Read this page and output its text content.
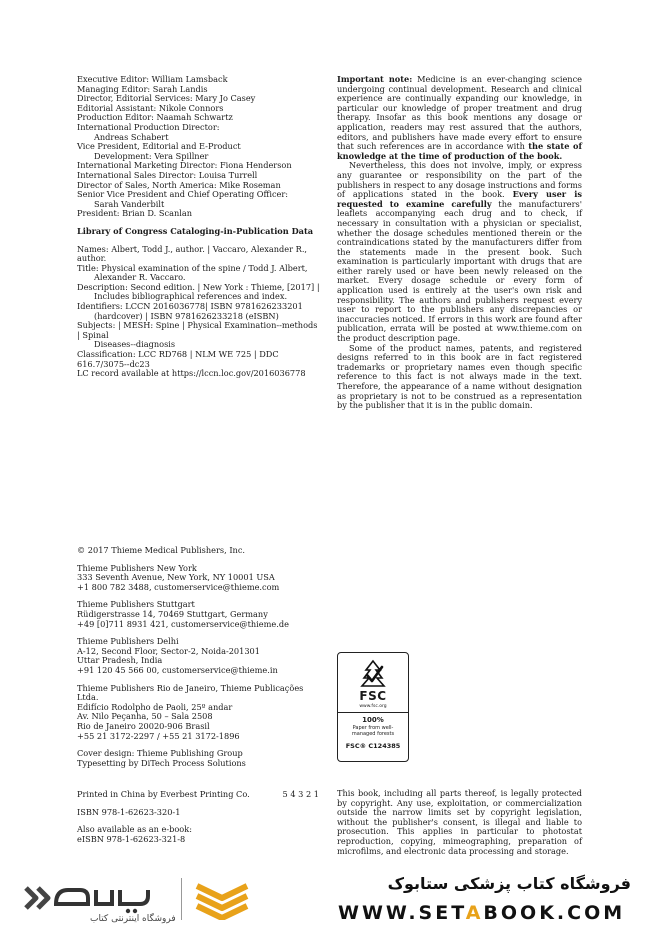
Executive Editor: William Lamsback
Managing Editor: Sarah Landis
Director, Editorial Services: Mary Jo Casey
Editorial Assistant: Nikole Connors
Production Editor: Naamah Schwartz
International Production Director:
Andreas Schabert
Vice President, Editorial and E-Product
Development: Vera Spillner
International Marketing Director: Fiona Henderson
International Sales Director: Louisa Turrell
Director of Sales, North America: Mike Roseman
Senior Vice President and Chief Operating Officer:
Sarah Vanderbilt
President: Brian D. Scanlan

Library of Congress Cataloging-in-Publication Data

Names: Albert, Todd J., author. | Vaccaro, Alexander R.,
author.
Title: Physical examination of the spine / Todd J. Albert,
Alexander R. Vaccaro.
Description: Second edition. | New York : Thieme, [2017] |
Includes bibliographical references and index.
Identifiers: LCCN 2016036778| ISBN 9781626233201
(hardcover) | ISBN 9781626233218 (eISBN)
Subjects: | MESH: Spine | Physical Examination--methods
| Spinal
Diseases--diagnosis
Classification: LCC RD768 | NLM WE 725 | DDC
616.7/3075--dc23
LC record available at https://lccn.loc.gov/2016036778
Important note: Medicine is an ever-changing science undergoing continual development. Research and clinical experience are continually expanding our knowledge, in particular our knowledge of proper treatment and drug therapy. Insofar as this book mentions any dosage or application, readers may rest assured that the authors, editors, and publishers have made every effort to ensure that such references are in accordance with the state of knowledge at the time of production of the book.
Nevertheless, this does not involve, imply, or express any guarantee or responsibility on the part of the publishers in respect to any dosage instructions and forms of applications stated in the book. Every user is requested to examine carefully the manufacturers' leaflets accompanying each drug and to check, if necessary in consultation with a physician or specialist, whether the dosage schedules mentioned therein or the contraindications stated by the manufacturers differ from the statements made in the present book. Such examination is particularly important with drugs that are either rarely used or have been newly released on the market. Every dosage schedule or every form of application used is entirely at the user's own risk and responsibility. The authors and publishers request every user to report to the publishers any discrepancies or inaccuracies noticed. If errors in this work are found after publication, errata will be posted at www.thieme.com on the product description page.
Some of the product names, patents, and registered designs referred to in this book are in fact registered trademarks or proprietary names even though specific reference to this fact is not always made in the text. Therefore, the appearance of a name without designation as proprietary is not to be construed as a representation by the publisher that it is in the public domain.
© 2017 Thieme Medical Publishers, Inc.
Thieme Publishers New York
333 Seventh Avenue, New York, NY 10001 USA
+1 800 782 3488, customerservice@thieme.com
Thieme Publishers Stuttgart
Rüdigerstrasse 14, 70469 Stuttgart, Germany
+49 [0]711 8931 421, customerservice@thieme.de
Thieme Publishers Delhi
A-12, Second Floor, Sector-2, Noida-201301
Uttar Pradesh, India
+91 120 45 566 00, customerservice@thieme.in
Thieme Publishers Rio de Janeiro, Thieme Publicações
Ltda.
Edifício Rodolpho de Paoli, 25º andar
Av. Nilo Peçanha, 50 – Sala 2508
Rio de Janeiro 20020-906 Brasil
+55 21 3172-2297 / +55 21 3172-1896
Cover design: Thieme Publishing Group
Typesetting by DiTech Process Solutions
Printed in China by Everbest Printing Co.	5 4 3 2 1
ISBN 978-1-62623-320-1
Also available as an e-book:
eISBN 978-1-62623-321-8
FSC
www.fsc.org
100%
Paper from well-
managed forests
FSC® C124385
This book, including all parts thereof, is legally protected by copyright. Any use, exploitation, or commercialization outside the narrow limits set by copyright legislation, without the publisher's consent, is illegal and liable to prosecution. This applies in particular to photostat reproduction, copying, mimeographing, preparation of microfilms, and electronic data processing and storage.
فروشگاه اینترنتی کتاب
فروشگاه کتاب پزشکی ستابوک
WWW.SETABOOK.COM
